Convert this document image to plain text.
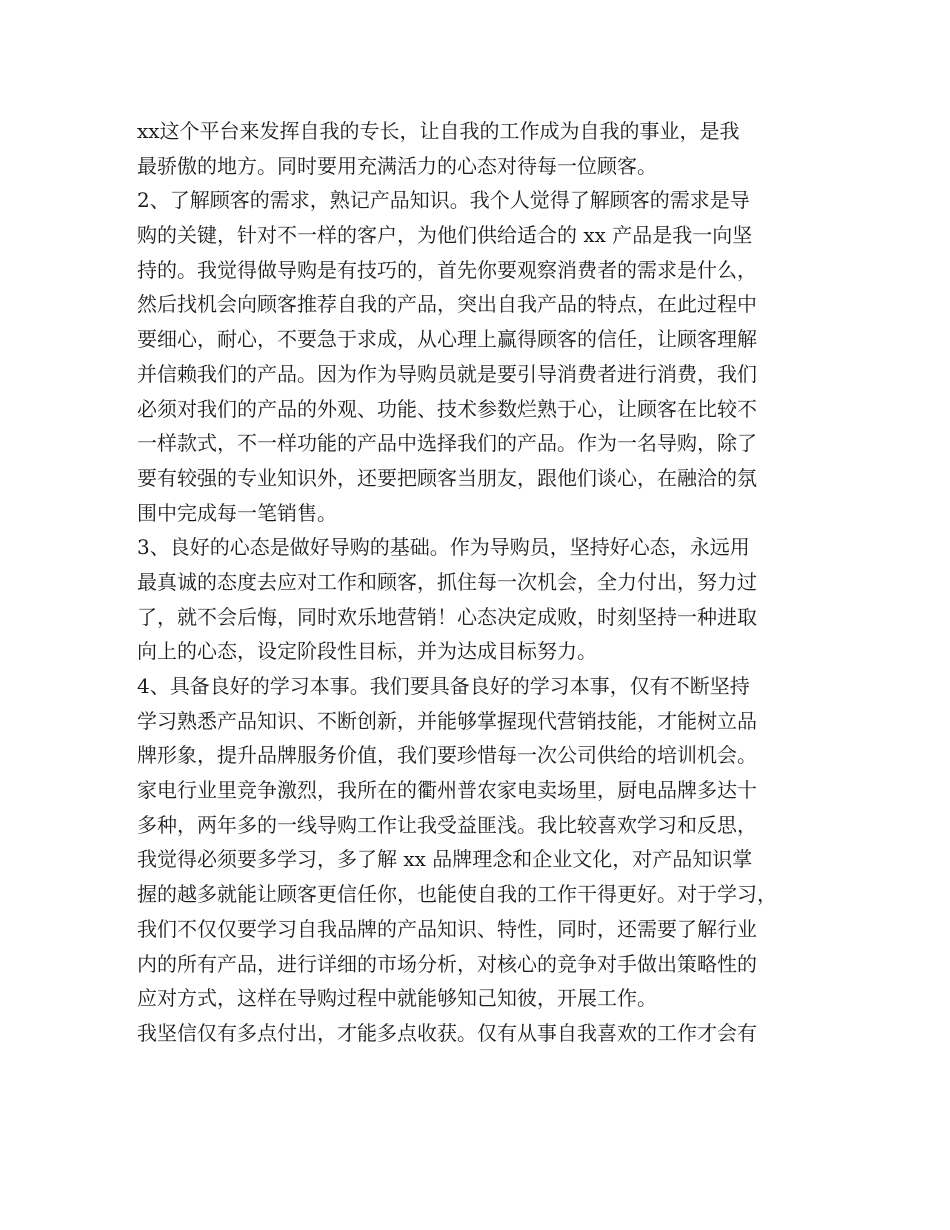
xx这个平台来发挥自我的专长，让自我的工作成为自我的事业，是我
最骄傲的地方。同时要用充满活力的心态对待每一位顾客。
2、了解顾客的需求，熟记产品知识。我个人觉得了解顾客的需求是导
购的关键，针对不一样的客户，为他们供给适合的 xx 产品是我一向坚
持的。我觉得做导购是有技巧的，首先你要观察消费者的需求是什么，
然后找机会向顾客推荐自我的产品，突出自我产品的特点，在此过程中
要细心，耐心，不要急于求成，从心理上赢得顾客的信任，让顾客理解
并信赖我们的产品。因为作为导购员就是要引导消费者进行消费，我们
必须对我们的产品的外观、功能、技术参数烂熟于心，让顾客在比较不
一样款式，不一样功能的产品中选择我们的产品。作为一名导购，除了
要有较强的专业知识外，还要把顾客当朋友，跟他们谈心，在融洽的氛
围中完成每一笔销售。
3、良好的心态是做好导购的基础。作为导购员，坚持好心态，永远用
最真诚的态度去应对工作和顾客，抓住每一次机会，全力付出，努力过
了，就不会后悔，同时欢乐地营销！心态决定成败，时刻坚持一种进取
向上的心态，设定阶段性目标，并为达成目标努力。
4、具备良好的学习本事。我们要具备良好的学习本事，仅有不断坚持
学习熟悉产品知识、不断创新，并能够掌握现代营销技能，才能树立品
牌形象，提升品牌服务价值，我们要珍惜每一次公司供给的培训机会。
家电行业里竞争激烈，我所在的衢州普农家电卖场里，厨电品牌多达十
多种，两年多的一线导购工作让我受益匪浅。我比较喜欢学习和反思，
我觉得必须要多学习，多了解 xx 品牌理念和企业文化，对产品知识掌
握的越多就能让顾客更信任你，也能使自我的工作干得更好。对于学习，
我们不仅仅要学习自我品牌的产品知识、特性，同时，还需要了解行业
内的所有产品，进行详细的市场分析，对核心的竞争对手做出策略性的
应对方式，这样在导购过程中就能够知己知彼，开展工作。
我坚信仅有多点付出，才能多点收获。仅有从事自我喜欢的工作才会有
